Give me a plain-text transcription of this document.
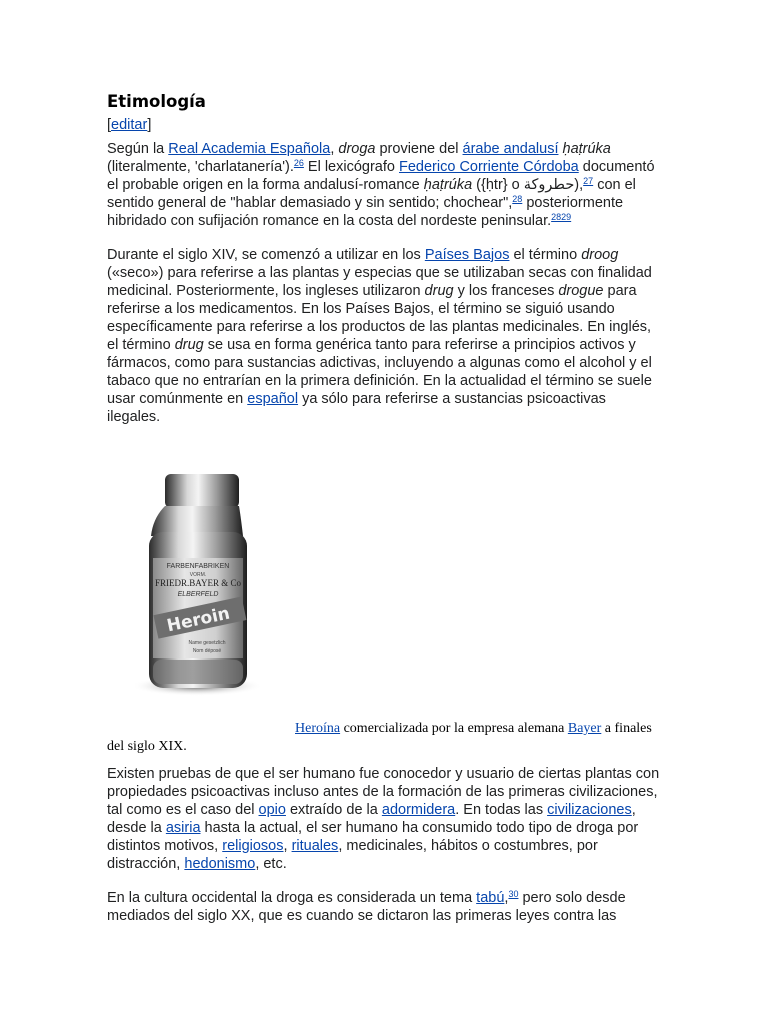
Etimología
[editar]

Según la Real Academia Española, droga proviene del árabe andalusí ḥaṭrúka (literalmente, 'charlatanería').$^{26}$ El lexicógrafo Federico Corriente Córdoba documentó el probable origen en la forma andalusí-romance ḥaṭrúka ({ḥtr} o حطروكة),$^{27}$ con el sentido general de "hablar demasiado y sin sentido; chochear",$^{28}$ posteriormente hibridado con sufijación romance en la costa del nordeste peninsular.$^{2829}$

Durante el siglo XIV, se comenzó a utilizar en los Países Bajos el término droog («seco») para referirse a las plantas y especias que se utilizaban secas con finalidad medicinal. Posteriormente, los ingleses utilizaron drug y los franceses drogue para referirse a los medicamentos. En los Países Bajos, el término se siguió usando específicamente para referirse a los productos de las plantas medicinales. En inglés, el término drug se usa en forma genérica tanto para referirse a principios activos y fármacos, como para sustancias adictivas, incluyendo a algunas como el alcohol y el tabaco que no entrarían en la primera definición. En la actualidad el término se suele usar comúnmente en español ya sólo para referirse a sustancias psicoactivas ilegales.

FARBENFABRIKEN
VORM.
FRIEDR.BAYER & Co
ELBERFELD
Heroin
Name gesetzlich
Nom déposé
Heroína comercializada por la empresa alemana Bayer a finales del siglo XIX.

Existen pruebas de que el ser humano fue conocedor y usuario de ciertas plantas con propiedades psicoactivas incluso antes de la formación de las primeras civilizaciones, tal como es el caso del opio extraído de la adormidera. En todas las civilizaciones, desde la asiria hasta la actual, el ser humano ha consumido todo tipo de droga por distintos motivos, religiosos, rituales, medicinales, hábitos o costumbres, por distracción, hedonismo, etc.

En la cultura occidental la droga es considerada un tema tabú,$^{30}$ pero solo desde mediados del siglo XX, que es cuando se dictaron las primeras leyes contra las
